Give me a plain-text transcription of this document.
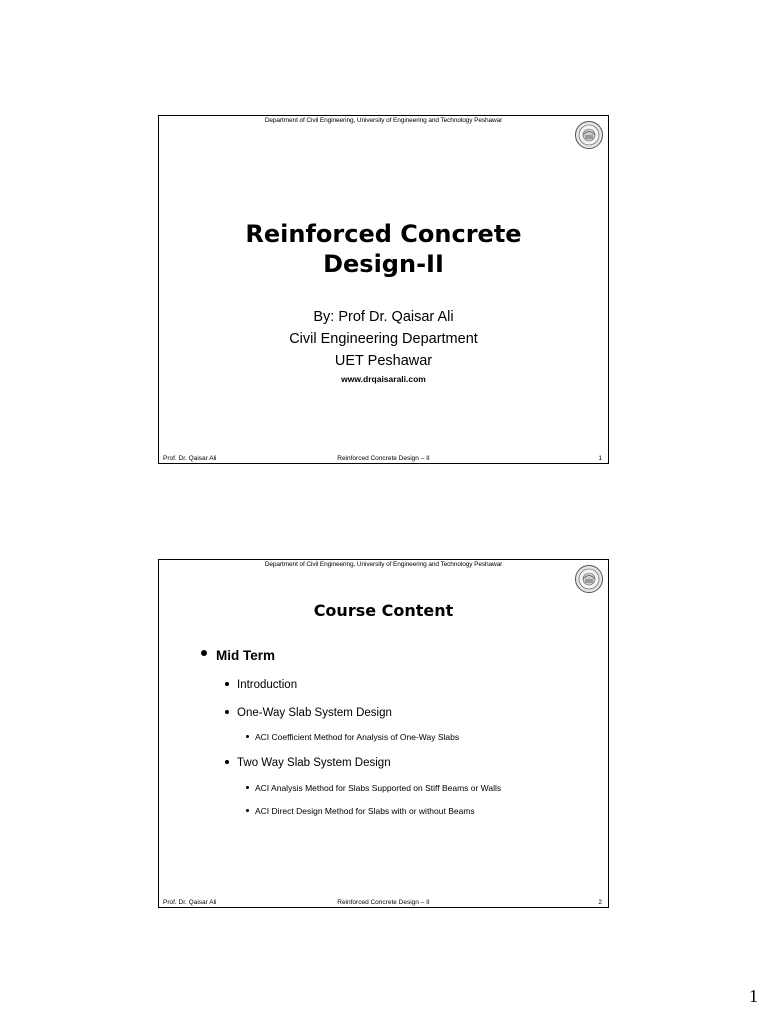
Department of Civil Engineering, University of Engineering and Technology Peshawar
Reinforced Concrete
Design-II
By: Prof Dr. Qaisar Ali
Civil Engineering Department
UET Peshawar
www.drqaisarali.com
Prof. Dr. Qaisar Ali	Reinforced Concrete Design – II	1
Department of Civil Engineering, University of Engineering and Technology Peshawar
Course Content
Mid Term
Introduction
One-Way Slab System Design
ACI Coefficient Method for Analysis of One-Way Slabs
Two Way Slab System Design
ACI Analysis Method for Slabs Supported on Stiff Beams or Walls
ACI Direct Design Method for Slabs with or without Beams
Prof. Dr. Qaisar Ali	Reinforced Concrete Design – II	2
1
